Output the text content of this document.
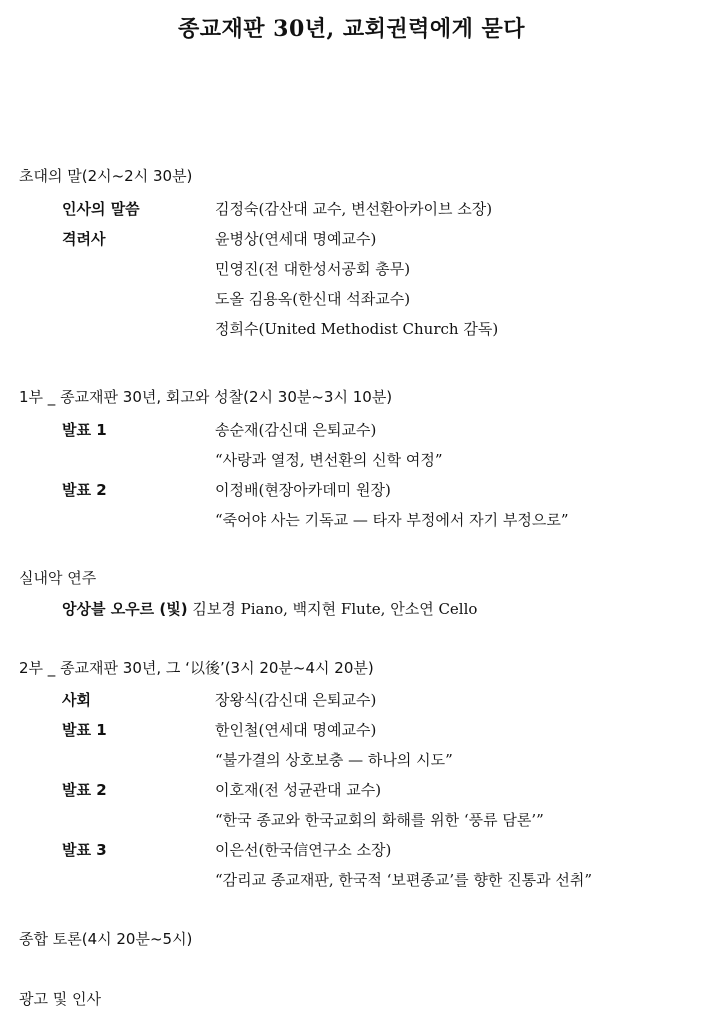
종교재판 30년, 교회권력에게 묻다
초대의 말(2시~2시 30분)
인사의 말씀	김정숙(감산대 교수, 변선환아카이브 소장)
격려사	윤병상(연세대 명예교수)
민영진(전 대한성서공회 총무)
도올 김용옥(한신대 석좌교수)
정희수(United Methodist Church 감독)
1부 _ 종교재판 30년, 회고와 성찰(2시 30분~3시 10분)
발표 1	송순재(감신대 은퇴교수)
“사랑과 열정, 변선환의 신학 여정”
발표 2	이정배(현장아카데미 원장)
“죽어야 사는 기독교 — 타자 부정에서 자기 부정으로”
실내악 연주
앙상블 오우르 (빛) 김보경 Piano, 백지현 Flute, 안소연 Cello
2부 _ 종교재판 30년, 그 ‘以後’(3시 20분~4시 20분)
사회	장왕식(감신대 은퇴교수)
발표 1	한인철(연세대 명예교수)
“불가결의 상호보충 — 하나의 시도”
발표 2	이호재(전 성균관대 교수)
“한국 종교와 한국교회의 화해를 위한 ‘풍류 담론’”
발표 3	이은선(한국信연구소 소장)
“감리교 종교재판, 한국적 ‘보편종교’를 향한 진통과 선취”
종합 토론(4시 20분~5시)
광고 및 인사
